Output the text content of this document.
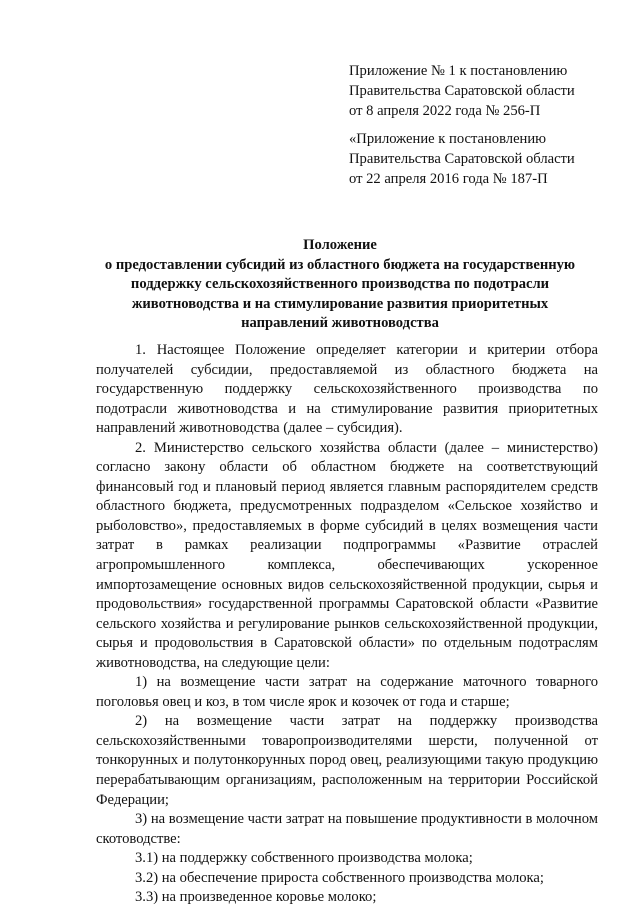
Приложение № 1 к постановлению
Правительства Саратовской области
от 8 апреля 2022 года № 256-П
«Приложение к постановлению
Правительства Саратовской области
от 22 апреля 2016 года № 187-П
Положение
о предоставлении субсидий из областного бюджета на государственную
поддержку сельскохозяйственного производства по подотрасли
животноводства и на стимулирование развития приоритетных
направлений животноводства

1. Настоящее Положение определяет категории и критерии отбора получателей субсидии, предоставляемой из областного бюджета на государственную поддержку сельскохозяйственного производства по подотрасли животноводства и на стимулирование развития приоритетных направлений животноводства (далее – субсидия).

2. Министерство сельского хозяйства области (далее – министерство) согласно закону области об областном бюджете на соответствующий финансовый год и плановый период является главным распорядителем средств областного бюджета, предусмотренных подразделом «Сельское хозяйство и рыболовство», предоставляемых в форме субсидий в целях возмещения части затрат в рамках реализации подпрограммы «Развитие отраслей агропромышленного комплекса, обеспечивающих ускоренное импортозамещение основных видов сельскохозяйственной продукции, сырья и продовольствия» государственной программы Саратовской области «Развитие сельского хозяйства и регулирование рынков сельскохозяйственной продукции, сырья и продовольствия в Саратовской области» по отдельным подотраслям животноводства, на следующие цели:

1) на возмещение части затрат на содержание маточного товарного поголовья овец и коз, в том числе ярок и козочек от года и старше;

2) на возмещение части затрат на поддержку производства сельскохозяйственными товаропроизводителями шерсти, полученной от тонкорунных и полутонкорунных пород овец, реализующими такую продукцию перерабатывающим организациям, расположенным на территории Российской Федерации;

3) на возмещение части затрат на повышение продуктивности в молочном скотоводстве:

3.1) на поддержку собственного производства молока;

3.2) на обеспечение прироста собственного производства молока;

3.3) на произведенное коровье молоко;
